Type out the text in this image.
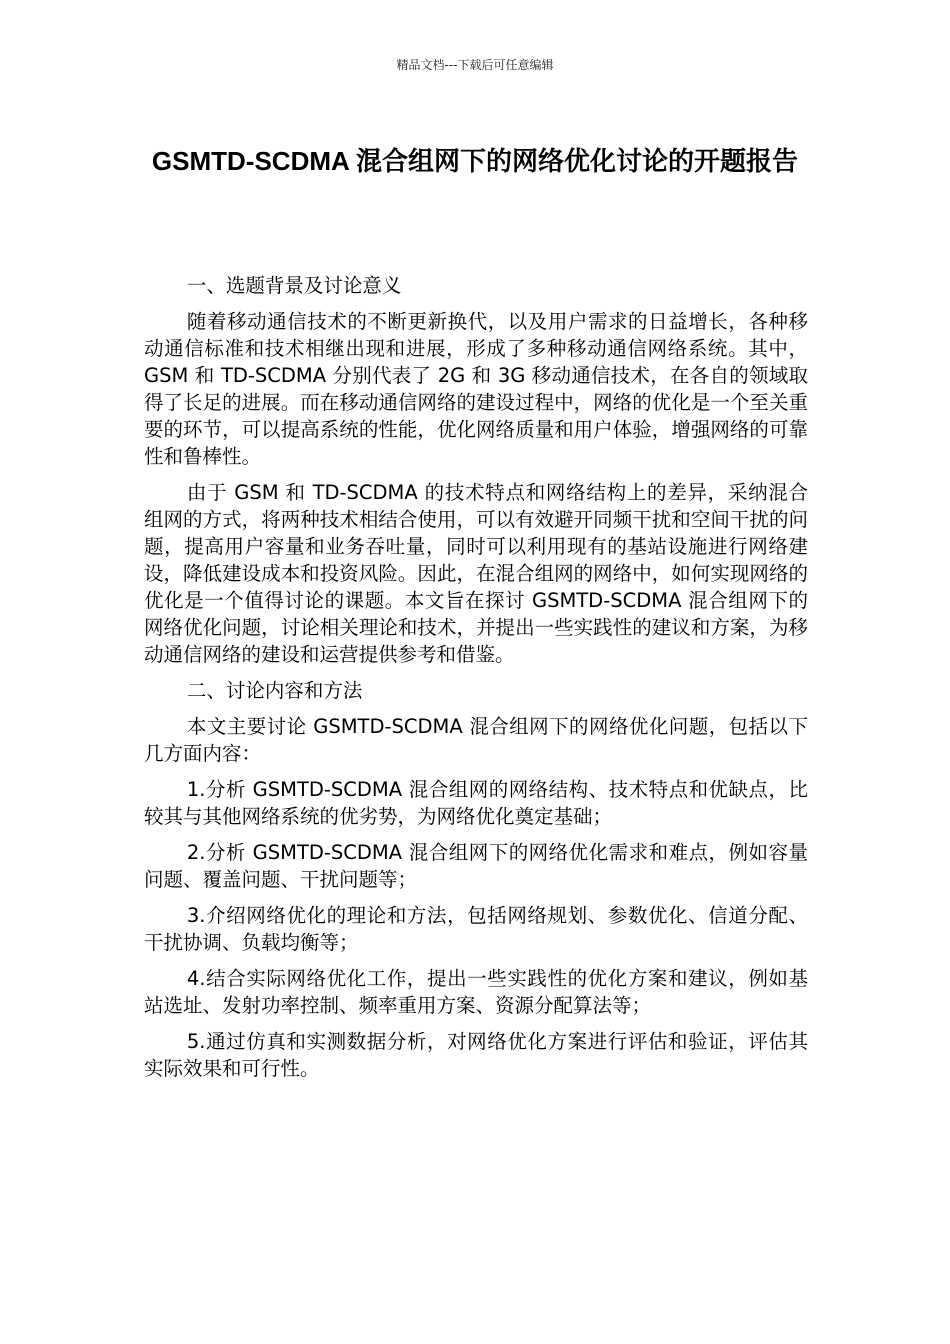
精品文档---下载后可任意编辑
GSMTD-SCDMA 混合组网下的网络优化讨论的开题报告

一、选题背景及讨论意义

随着移动通信技术的不断更新换代，以及用户需求的日益增长，各种移动通信标准和技术相继出现和进展，形成了多种移动通信网络系统。其中，GSM 和 TD-SCDMA 分别代表了 2G 和 3G 移动通信技术，在各自的领域取得了长足的进展。而在移动通信网络的建设过程中，网络的优化是一个至关重要的环节，可以提高系统的性能，优化网络质量和用户体验，增强网络的可靠性和鲁棒性。

由于 GSM 和 TD-SCDMA 的技术特点和网络结构上的差异，采纳混合组网的方式，将两种技术相结合使用，可以有效避开同频干扰和空间干扰的问题，提高用户容量和业务吞吐量，同时可以利用现有的基站设施进行网络建设，降低建设成本和投资风险。因此，在混合组网的网络中，如何实现网络的优化是一个值得讨论的课题。本文旨在探讨 GSMTD-SCDMA 混合组网下的网络优化问题，讨论相关理论和技术，并提出一些实践性的建议和方案，为移动通信网络的建设和运营提供参考和借鉴。

二、讨论内容和方法

本文主要讨论 GSMTD-SCDMA 混合组网下的网络优化问题，包括以下几方面内容：

1.分析 GSMTD-SCDMA 混合组网的网络结构、技术特点和优缺点，比较其与其他网络系统的优劣势，为网络优化奠定基础；

2.分析 GSMTD-SCDMA 混合组网下的网络优化需求和难点，例如容量问题、覆盖问题、干扰问题等；

3.介绍网络优化的理论和方法，包括网络规划、参数优化、信道分配、干扰协调、负载均衡等；

4.结合实际网络优化工作，提出一些实践性的优化方案和建议，例如基站选址、发射功率控制、频率重用方案、资源分配算法等；

5.通过仿真和实测数据分析，对网络优化方案进行评估和验证，评估其实际效果和可行性。
